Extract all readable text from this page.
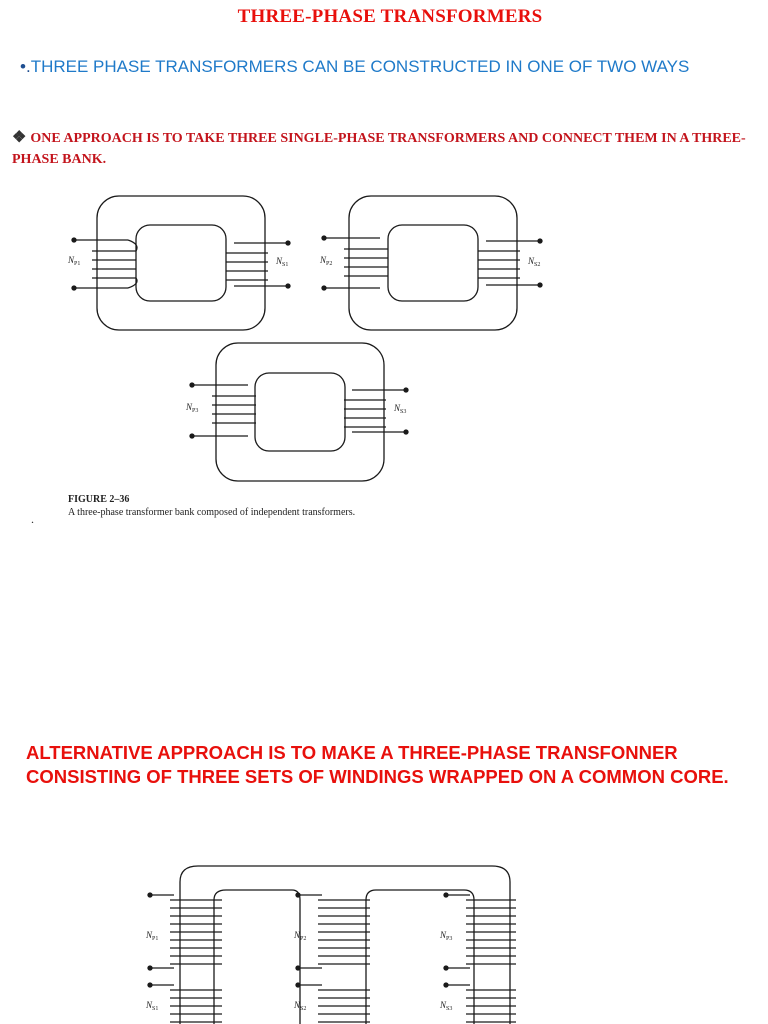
THREE-PHASE TRANSFORMERS
•.THREE PHASE TRANSFORMERS CAN BE CONSTRUCTED IN ONE OF TWO WAYS
❖ ONE APPROACH IS TO TAKE THREE SINGLE-PHASE TRANSFORMERS AND CONNECT THEM IN A THREE-PHASE BANK.
$N_{P1}$	$N_{S1}$	$N_{P2}$	$N_{S2}$
$N_{P3}$	$N_{S3}$
$N_{P1}$	$N_{P2}$	$N_{P3}$
$N_{S1}$	$N_{S2}$	$N_{S3}$
FIGURE 2–36
A three-phase transformer bank composed of independent transformers.
.
ALTERNATIVE APPROACH IS TO MAKE A THREE-PHASE TRANSFONNER CONSISTING OF THREE SETS OF WINDINGS WRAPPED ON A COMMON CORE.
